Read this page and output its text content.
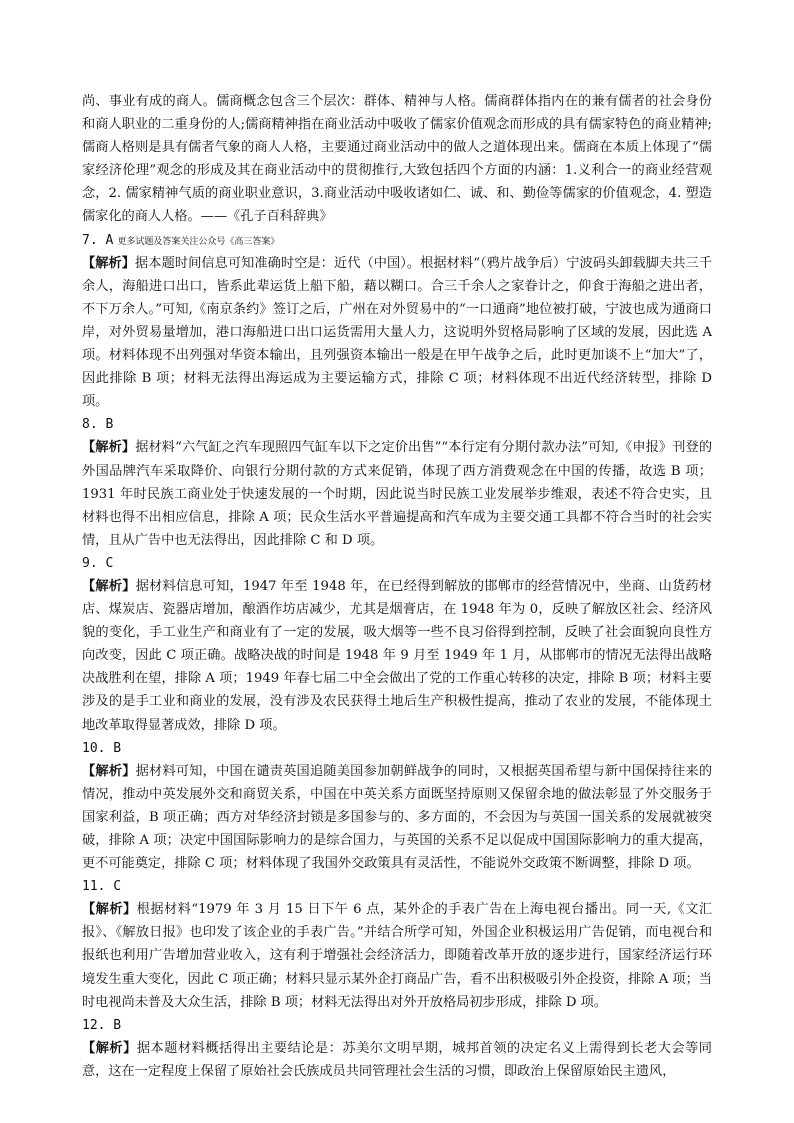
尚、事业有成的商人。儒商概念包含三个层次：群体、精神与人格。儒商群体指内在的兼有儒者的社会身份和商人职业的二重身份的人;儒商精神指在商业活动中吸收了儒家价值观念而形成的具有儒家特色的商业精神;儒商人格则是具有儒者气象的商人人格，主要通过商业活动中的做人之道体现出来。儒商在本质上体现了“儒家经济伦理”观念的形成及其在商业活动中的贯彻推行,大致包括四个方面的内涵：1.义利合一的商业经营观念，2. 儒家精神气质的商业职业意识，3.商业活动中吸收诸如仁、诚、和、勤俭等儒家的价值观念，4. 塑造儒家化的商人人格。——《孔子百科辞典》

7. A 更多试题及答案关注公众号《高三答案》

【解析】据本题时间信息可知准确时空是：近代（中国）。根据材料“（鸦片战争后）宁波码头卸载脚夫共三千余人，海船进口出口，皆系此辈运货上船下船，藉以糊口。合三千余人之家眷计之，仰食于海船之进出者，不下万余人。”可知,《南京条约》签订之后，广州在对外贸易中的“一口通商”地位被打破，宁波也成为通商口岸，对外贸易量增加，港口海船进口出口运货需用大量人力，这说明外贸格局影响了区域的发展，因此选 A 项。材料体现不出列强对华资本输出，且列强资本输出一般是在甲午战争之后，此时更加谈不上“加大”了，因此排除 B 项；材料无法得出海运成为主要运输方式，排除 C 项；材料体现不出近代经济转型，排除 D 项。

8. B

【解析】据材料“六气缸之汽车现照四气缸车以下之定价出售”“本行定有分期付款办法”可知,《申报》刊登的外国品牌汽车采取降价、向银行分期付款的方式来促销，体现了西方消费观念在中国的传播，故选 B 项；1931 年时民族工商业处于快速发展的一个时期，因此说当时民族工业发展举步维艰，表述不符合史实，且材料也得不出相应信息，排除 A 项；民众生活水平普遍提高和汽车成为主要交通工具都不符合当时的社会实情，且从广告中也无法得出，因此排除 C 和 D 项。

9. C

【解析】据材料信息可知，1947 年至 1948 年，在已经得到解放的邯郸市的经营情况中，坐商、山货药材店、煤炭店、瓷器店增加，酿酒作坊店减少，尤其是烟膏店，在 1948 年为 0，反映了解放区社会、经济风貌的变化，手工业生产和商业有了一定的发展，吸大烟等一些不良习俗得到控制，反映了社会面貌向良性方向改变，因此 C 项正确。战略决战的时间是 1948 年 9 月至 1949 年 1 月，从邯郸市的情况无法得出战略决战胜利在望，排除 A 项；1949 年春七届二中全会做出了党的工作重心转移的决定，排除 B 项；材料主要涉及的是手工业和商业的发展，没有涉及农民获得土地后生产积极性提高，推动了农业的发展，不能体现土地改革取得显著成效，排除 D 项。

10. B

【解析】据材料可知，中国在谴责英国追随美国参加朝鲜战争的同时，又根据英国希望与新中国保持往来的情况，推动中英发展外交和商贸关系，中国在中英关系方面既坚持原则又保留余地的做法彰显了外交服务于国家利益，B 项正确；西方对华经济封锁是多国参与的、多方面的，不会因为与英国一国关系的发展就被突破，排除 A 项；决定中国国际影响力的是综合国力，与英国的关系不足以促成中国国际影响力的重大提高，更不可能奠定，排除 C 项；材料体现了我国外交政策具有灵活性，不能说外交政策不断调整，排除 D 项。

11. C

【解析】根据材料“1979 年 3 月 15 日下午 6 点，某外企的手表广告在上海电视台播出。同一天,《文汇报》、《解放日报》也印发了该企业的手表广告。”并结合所学可知，外国企业积极运用广告促销，而电视台和报纸也利用广告增加营业收入，这有利于增强社会经济活力，即随着改革开放的逐步进行，国家经济运行环境发生重大变化，因此 C 项正确；材料只显示某外企打商品广告，看不出积极吸引外企投资，排除 A 项；当时电视尚未普及大众生活，排除 B 项；材料无法得出对外开放格局初步形成，排除 D 项。

12. B

【解析】据本题材料概括得出主要结论是：苏美尔文明早期，城邦首领的决定名义上需得到长老大会等同意，这在一定程度上保留了原始社会氏族成员共同管理社会生活的习惯，即政治上保留原始民主遗风，
